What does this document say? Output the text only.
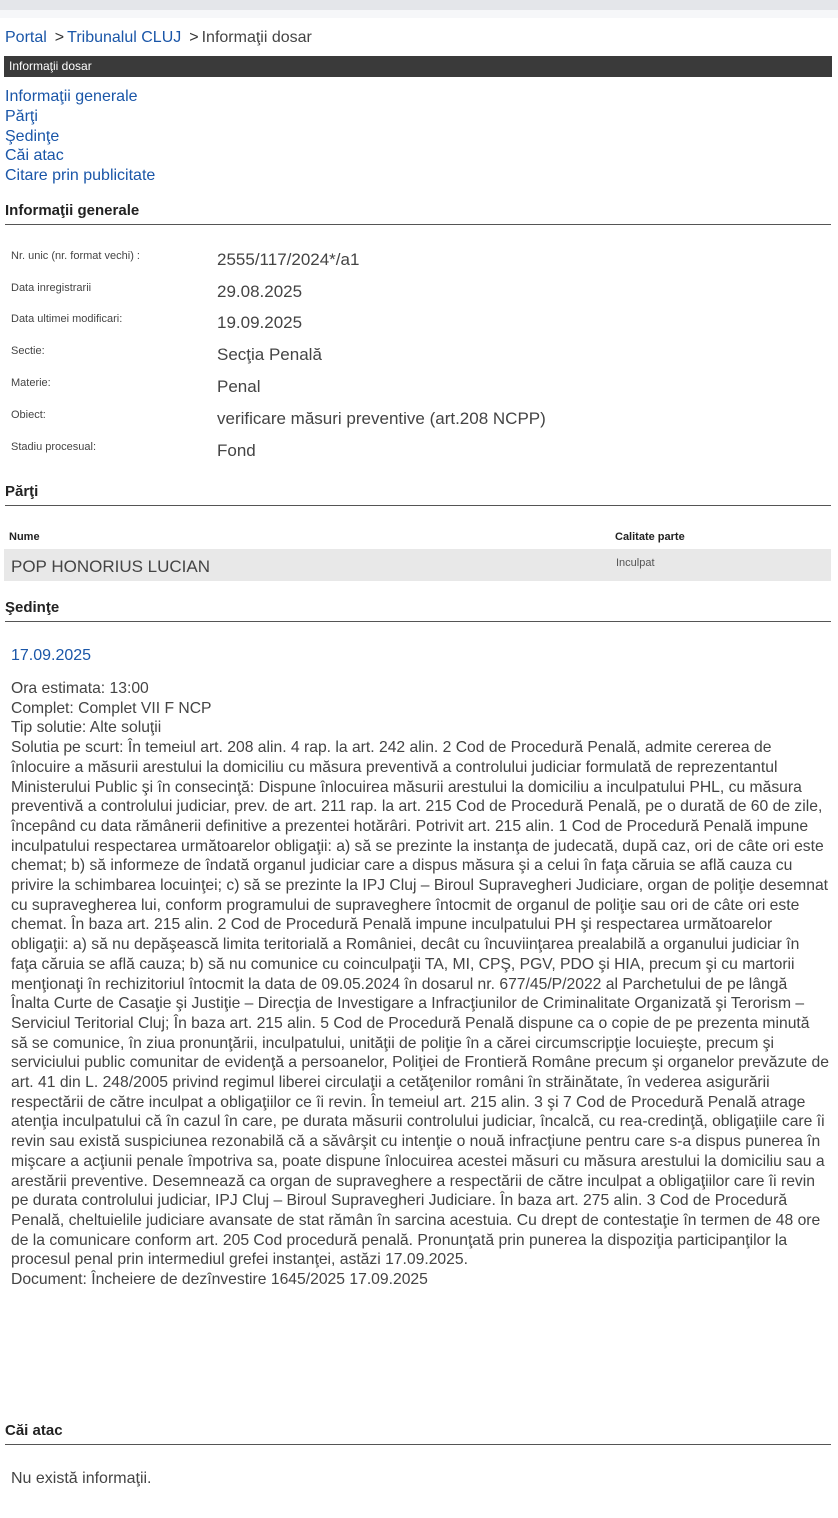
Portal > Tribunalul CLUJ > Informaţii dosar
Informaţii dosar
Informaţii generale
Părţi
Şedinţe
Căi atac
Citare prin publicitate
Informaţii generale
Nr. unic (nr. format vechi) :	2555/117/2024*/a1
Data inregistrarii	29.08.2025
Data ultimei modificari:	19.09.2025
Sectie:	Secţia Penală
Materie:	Penal
Obiect:	verificare măsuri preventive (art.208 NCPP)
Stadiu procesual:	Fond
Părţi
Nume	Calitate parte
POP HONORIUS LUCIAN	Inculpat
Şedinţe
17.09.2025
Ora estimata: 13:00
Complet: Complet VII F NCP
Tip solutie: Alte soluţii
Solutia pe scurt: În temeiul art. 208 alin. 4 rap. la art. 242 alin. 2 Cod de Procedură Penală, admite cererea de înlocuire a măsurii arestului la domiciliu cu măsura preventivă a controlului judiciar formulată de reprezentantul Ministerului Public şi în consecinţă: Dispune înlocuirea măsurii arestului la domiciliu a inculpatului PHL, cu măsura preventivă a controlului judiciar, prev. de art. 211 rap. la art. 215 Cod de Procedură Penală, pe o durată de 60 de zile, începând cu data rămânerii definitive a prezentei hotărâri. Potrivit art. 215 alin. 1 Cod de Procedură Penală impune inculpatului respectarea următoarelor obligaţii: a) să se prezinte la instanţa de judecată, după caz, ori de câte ori este chemat; b) să informeze de îndată organul judiciar care a dispus măsura şi a celui în faţa căruia se află cauza cu privire la schimbarea locuinţei; c) să se prezinte la IPJ Cluj – Biroul Supravegheri Judiciare, organ de poliţie desemnat cu supravegherea lui, conform programului de supraveghere întocmit de organul de poliţie sau ori de câte ori este chemat. În baza art. 215 alin. 2 Cod de Procedură Penală impune inculpatului PH şi respectarea următoarelor obligaţii: a) să nu depăşească limita teritorială a României, decât cu încuviinţarea prealabilă a organului judiciar în faţa căruia se află cauza; b) să nu comunice cu coinculpaţii TA, MI, CPŞ, PGV, PDO şi HIA, precum şi cu martorii menţionaţi în rechizitoriul întocmit la data de 09.05.2024 în dosarul nr. 677/45/P/2022 al Parchetului de pe lângă Înalta Curte de Casaţie şi Justiţie – Direcţia de Investigare a Infracţiunilor de Criminalitate Organizată şi Terorism – Serviciul Teritorial Cluj; În baza art. 215 alin. 5 Cod de Procedură Penală dispune ca o copie de pe prezenta minută să se comunice, în ziua pronunţării, inculpatului, unităţii de poliţie în a cărei circumscripţie locuieşte, precum şi serviciului public comunitar de evidenţă a persoanelor, Poliţiei de Frontieră Române precum şi organelor prevăzute de art. 41 din L. 248/2005 privind regimul liberei circulaţii a cetăţenilor români în străinătate, în vederea asigurării respectării de către inculpat a obligaţiilor ce îi revin. În temeiul art. 215 alin. 3 şi 7 Cod de Procedură Penală atrage atenţia inculpatului că în cazul în care, pe durata măsurii controlului judiciar, încalcă, cu rea-credinţă, obligaţiile care îi revin sau există suspiciunea rezonabilă că a săvârşit cu intenţie o nouă infracţiune pentru care s-a dispus punerea în mişcare a acţiunii penale împotriva sa, poate dispune înlocuirea acestei măsuri cu măsura arestului la domiciliu sau a arestării preventive. Desemnează ca organ de supraveghere a respectării de către inculpat a obligaţiilor care îi revin pe durata controlului judiciar, IPJ Cluj – Biroul Supravegheri Judiciare. În baza art. 275 alin. 3 Cod de Procedură Penală, cheltuielile judiciare avansate de stat rămân în sarcina acestuia. Cu drept de contestaţie în termen de 48 ore de la comunicare conform art. 205 Cod procedură penală. Pronunţată prin punerea la dispoziţia participanţilor la procesul penal prin intermediul grefei instanţei, astăzi 17.09.2025.
Document: Încheiere de dezînvestire 1645/2025 17.09.2025
Căi atac
Nu există informaţii.
